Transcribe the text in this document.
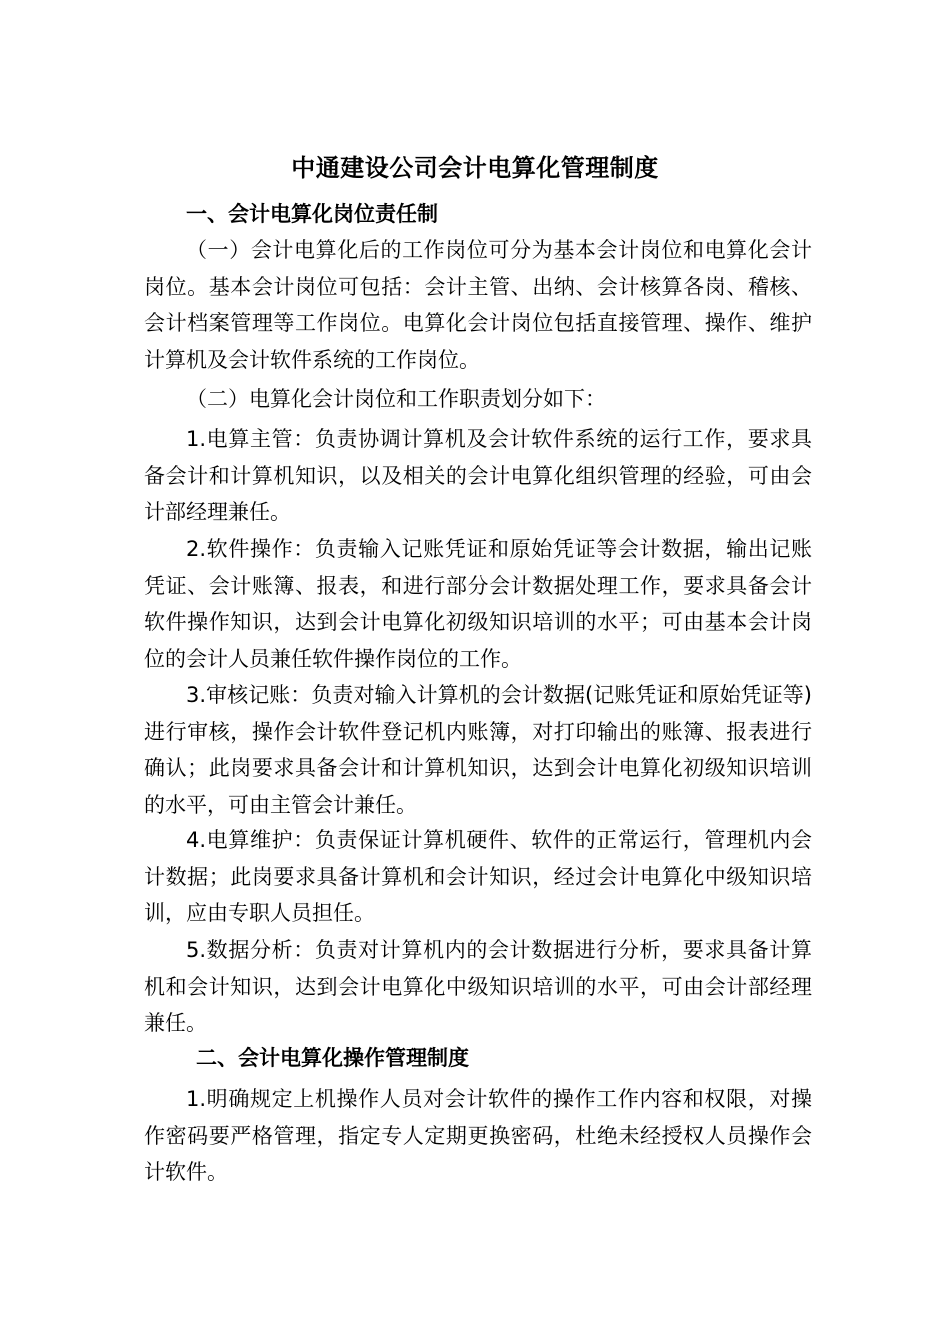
中通建设公司会计电算化管理制度
一、会计电算化岗位责任制
（一）会计电算化后的工作岗位可分为基本会计岗位和电算化会计岗位。基本会计岗位可包括：会计主管、出纳、会计核算各岗、稽核、会计档案管理等工作岗位。电算化会计岗位包括直接管理、操作、维护计算机及会计软件系统的工作岗位。
（二）电算化会计岗位和工作职责划分如下：
1.电算主管：负责协调计算机及会计软件系统的运行工作，要求具备会计和计算机知识，以及相关的会计电算化组织管理的经验，可由会计部经理兼任。
2.软件操作：负责输入记账凭证和原始凭证等会计数据，输出记账凭证、会计账簿、报表，和进行部分会计数据处理工作，要求具备会计软件操作知识，达到会计电算化初级知识培训的水平；可由基本会计岗位的会计人员兼任软件操作岗位的工作。
3.审核记账：负责对输入计算机的会计数据(记账凭证和原始凭证等)进行审核，操作会计软件登记机内账簿，对打印输出的账簿、报表进行确认；此岗要求具备会计和计算机知识，达到会计电算化初级知识培训的水平，可由主管会计兼任。
4.电算维护：负责保证计算机硬件、软件的正常运行，管理机内会计数据；此岗要求具备计算机和会计知识，经过会计电算化中级知识培训，应由专职人员担任。
5.数据分析：负责对计算机内的会计数据进行分析，要求具备计算机和会计知识，达到会计电算化中级知识培训的水平，可由会计部经理兼任。
二、会计电算化操作管理制度
1.明确规定上机操作人员对会计软件的操作工作内容和权限，对操作密码要严格管理，指定专人定期更换密码，杜绝未经授权人员操作会计软件。
